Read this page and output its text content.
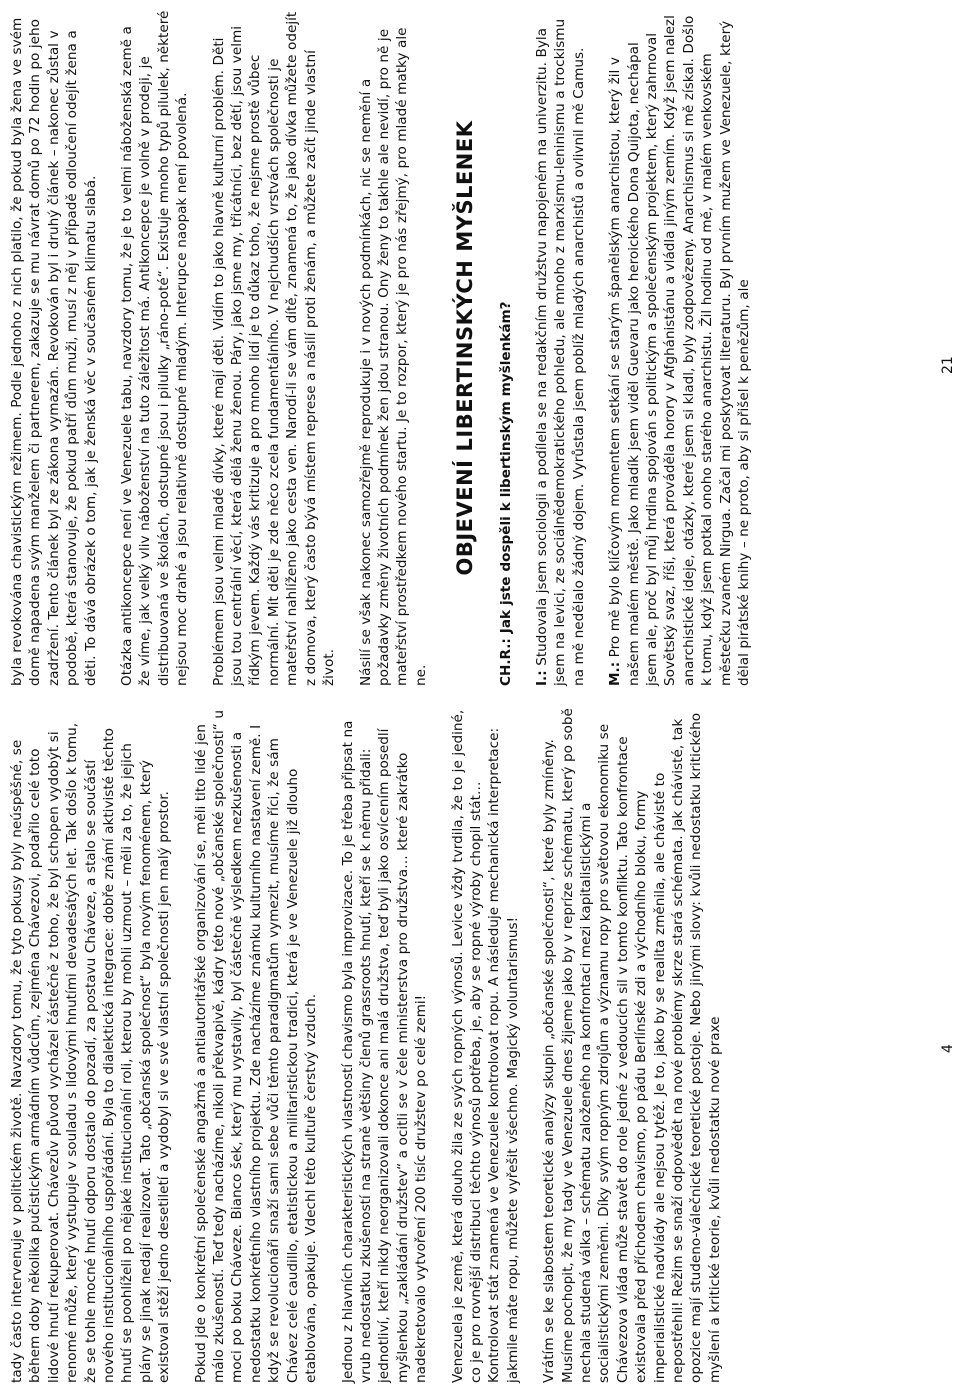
byla revokována chavistickým režimem. Podle jednoho z nich platilo, že pokud byla žena ve svém domě napadena svým manželem či partnerem, zakazuje se mu návrat domů po 72 hodin po jeho zadržení. Tento článek byl ze zákona vymazán. Revokován byl i druhý článek – nakonec zůstal v podobě, která stanovuje, že pokud patří dům muži, musí z něj v případě odloučení odejít žena a děti. To dává obrázek o tom, jak je ženská věc v současném klimatu slabá. Otázka antikoncepce není ve Venezuele tabu, navzdory tomu, že je to velmi náboženská země a že víme, jak velký vliv náboženství na tuto záležitost má. Antikoncepce je volně v prodeji, je distribuovaná ve školách, dostupné jsou i pilulky „ráno-poté“. Existuje mnoho typů pilulek, některé nejsou moc drahé a jsou relativně dostupné mladým. Interupce naopak není povolená. Problémem jsou velmi mladé dívky, které mají děti. Vidím to jako hlavně kulturní problém. Děti jsou tou centrální věcí, která dělá ženu ženou. Páry, jako jsme my, třicátníci, bez dětí, jsou velmi řídkým jevem. Každý vás kritizuje a pro mnoho lidí je to důkaz toho, že nejsme prostě vůbec normální. Mít děti je zde něco zcela fundamentálního. V nejchudších vrstvách společnosti je mateřství nahlíženo jako cesta ven. Narodí-li se vám dítě, znamená to, že jako dívka můžete odejít z domova, který často bývá místem represe a násilí proti ženám, a můžete začít jinde vlastní život. Násilí se však nakonec samozřejmě reprodukuje i v nových podmínkách, nic se nemění a požadavky změny životních podmínek žen jdou stranou. Ony ženy to takhle ale nevidí, pro ně je mateřství prostředkem nového startu. Je to rozpor, který je pro nás zřejmý, pro mladé matky ale ne.

OBJEVENÍ LIBERTINSKÝCH MYŠLENEK CH.R.: Jak jste dospěli k libertinským myšlenkám? I.: Studovala jsem sociologii a podílela se na redakčním družstvu napojeném na univerzitu. Byla jsem na levici, ze sociálnědemokratického pohledu, ale mnoho z marxismu-leninismu a trockismu na mě nedělalo žádný dojem. Vyrůstala jsem poblíž mladých anarchistů a ovlivnil mě Camus. M.: Pro mě bylo klíčovým momentem setkání se starým španělským anarchistou, který žil v našem malém městě. Jako mladík jsem viděl Guevaru jako heroického Dona Quijota, nechápal jsem ale, proč byl můj hrdina spojován s politickým a společenským projektem, který zahrnoval Sovětský svaz, říši, která prováděla horory v Afghánistánu a vládla jiným zemím. Když jsem nalezl anarchistické ideje, otázky, které jsem si kladl, byly zodpovězeny. Anarchismus si mě získal. Došlo k tomu, když jsem potkal onoho starého anarchistu. Žil hodinu od mě, v malém venkovském městečku zvaném Nirgua. Začal mi poskytovat literaturu. Byl prvním mužem ve Venezuele, který dělal pirátské knihy – ne proto, aby si přišel k penězům, ale	21

tady často intervenuje v politickém životě. Navzdory tomu, že tyto pokusy byly neúspěšné, se během doby několika pučistickým armádním vůdcům, zejména Chávezovi, podařilo celé toto lidové hnutí rekuperovat. Chávezův původ vycházel částečně z toho, že byl schopen vydobýt si renomé může, který vystupuje v souladu s lidovými hnutími devadesátých let. Tak došlo k tomu, že se tohle mocné hnutí odporu dostalo do pozadí, za postavu Cháveze, a stalo se součástí nového institucionálního uspořádání. Byla to dialektická integrace: dobře známí aktivisté těchto hnutí se poohlíželi po nějaké institucionální roli, kterou by mohli uzmout – měli za to, že jejich plány se jinak nedají realizovat. Tato „občanská společnost“ byla novým fenoménem, který existoval stěží jedno desetiletí a vydobyl si ve své vlastní společnosti jen malý prostor. Pokud jde o konkrétní společenské angažmá a antiautoritářské organizování se, měli tito lidé jen málo zkušeností. Teď tedy nacházíme, nikoli překvapivě, kádry této nové „občanské společnosti“ u moci po boku Cháveze. Bianco šek, který mu vystavily, byl částečně výsledkem nezkušenosti a nedostatku konkrétního vlastního projektu. Zde nacházíme známku kulturního nastavení země. I když se revolucionáři snaží sami sebe vůči těmto paradigmatům vymezit, musíme říci, že sám Chávez celé caudillo, etatistickou a militaristickou tradici, která je ve Venezuele již dlouho etablována, opakuje. Vdechl této kultuře čerstvý vzduch. Jednou z hlavních charakteristických vlastností chavismo byla improvizace. To je třeba připsat na vrub nedostatku zkušeností na straně většiny členů grassroots hnutí, kteří se k němu přidali: jednotliví, kteří nikdy neorganizovali dokonce ani malá družstva, teď byli jako osvícením posedlí myšlenkou „zakládání družstev“ a ocitli se v čele ministerstva pro družstva… které zakrátko nadekretovalo vytvoření 200 tisíc družstev po celé zemi! Venezuela je země, která dlouho žila ze svých ropných výnosů. Levice vždy tvrdila, že to je jediné, co je pro rovnější distribuci těchto výnosů potřeba, je, aby se ropné výroby chopil stát… Kontrolovat stát znamená ve Venezuele kontrolovat ropu. A následuje mechanická interpretace: jakmile máte ropu, můžete vyřešit všechno. Magický voluntarismus! Vrátím se ke slabostem teoretické analýzy skupin „občanské společnosti“, které byly zmíněny. Musíme pochopit, že my tady ve Venezuele dnes žijeme jako by v repríze schématu, který po sobě nechala studená válka – schématu založeného na konfrontaci mezi kapitalistickými a socialistickými zeměmi. Díky svým ropným zdrojům a významu ropy pro světovou ekonomiku se Chávezova vláda může stavět do role jedné z vedoucích sil v tomto konfliktu. Tato konfrontace existovala před příchodem chavismo, po pádu Berlínské zdi a východního bloku, formy imperialistické nadvlády ale nejsou tytéž. Je to, jako by se realita změnila, ale chávisté to nepostřehli! Režim se snaží odpovědět na nové problémy skrze stará schémata. Jak chávisté, tak opozice mají studeno-válečnické teoretické postoje. Nebo jinými slovy: kvůli nedostatku kritického myšlení a kritické teorie, kvůli nedostatku nové praxe	4
